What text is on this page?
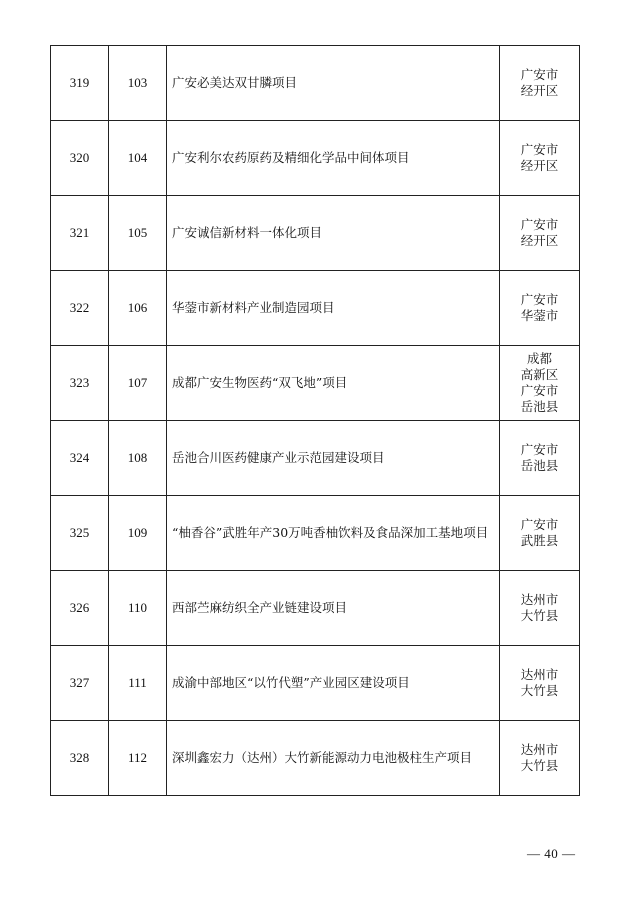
319	103	广安必美达双甘膦项目	广安市
经开区

320	104	广安利尔农药原药及精细化学品中间体项目	广安市
经开区

321	105	广安诚信新材料一体化项目	广安市
经开区

322	106	华蓥市新材料产业制造园项目	广安市
华蓥市

323	107	成都广安生物医药“双飞地”项目	成都
高新区
广安市
岳池县

324	108	岳池合川医药健康产业示范园建设项目	广安市
岳池县

325	109	“柚香谷”武胜年产30万吨香柚饮料及食品深加工基地项目	广安市
武胜县

326	110	西部苎麻纺织全产业链建设项目	达州市
大竹县

327	111	成渝中部地区“以竹代塑”产业园区建设项目	达州市
大竹县

328	112	深圳鑫宏力（达州）大竹新能源动力电池极柱生产项目	达州市
大竹县
— 40 —
